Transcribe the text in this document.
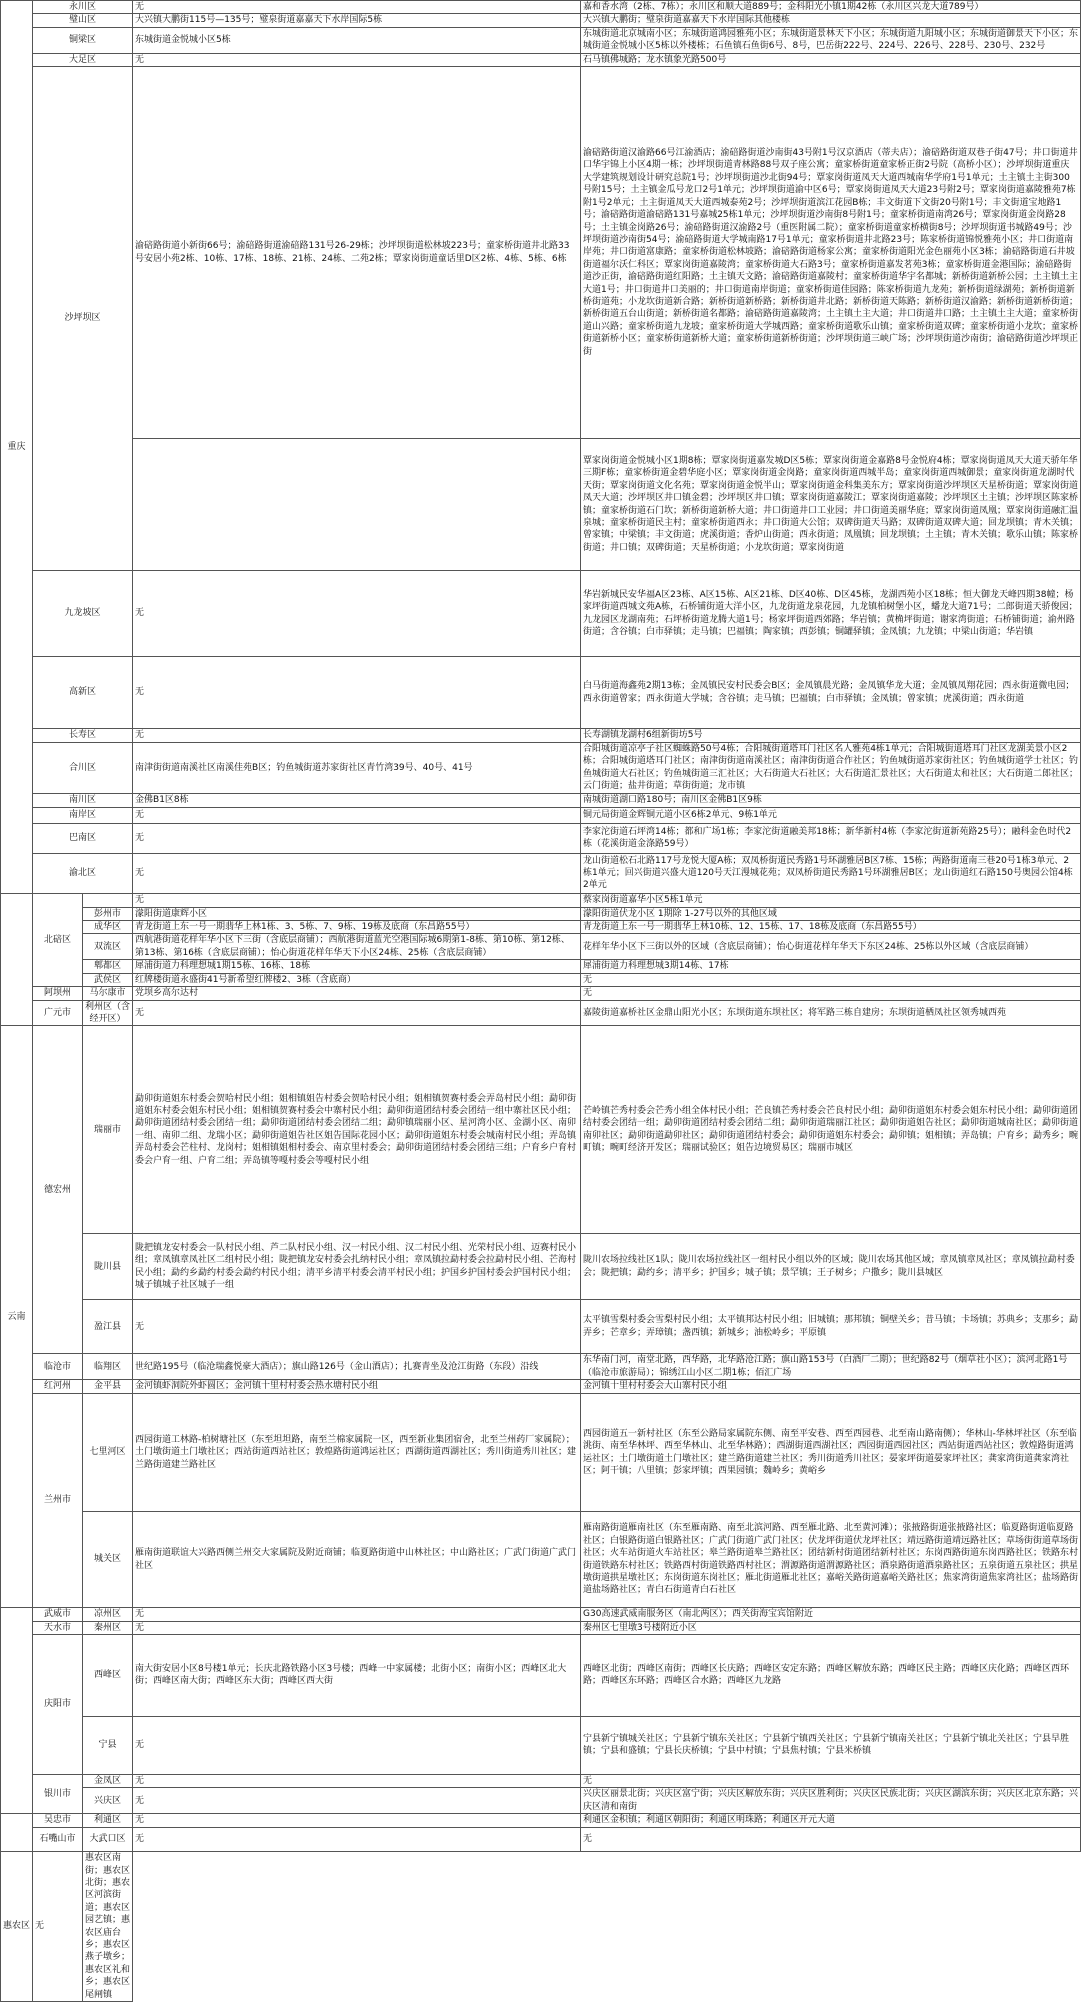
重庆	永川区		无	嘉和香水湾（2栋、7栋）；永川区和顺大道889号；金科阳光小镇1期42栋（永川区兴龙大道789号）
	璧山区		大兴镇大鹏街115号—135号；璧泉街道嘉嘉天下水岸国际5栋	大兴镇大鹏街；璧泉街道嘉嘉天下水岸国际其他楼栋
	铜梁区		东城街道金悦城小区5栋	东城街道北京城南小区；东城街道鸿园雅苑小区；东城街道景林天下小区；东城街道九阳城小区；东城街道御景天下小区；东城街道金悦城小区5栋以外楼栋；石鱼镇石鱼街6号、8号，巴岳街222号、224号、226号、228号、230号、232号
	大足区		无	石马镇佛城路；龙水镇象光路500号
	沙坪坝区		渝碚路街道小新街66号；渝碚路街道渝碚路131号26-29栋；沙坪坝街道松林坡223号；童家桥街道井北路33号安居小苑2栋、10栋、17栋、18栋、21栋、24栋、二苑2栋；覃家岗街道童话里D区2栋、4栋、5栋、6栋	渝碚路街道汉渝路66号江渝酒店；渝碚路街道沙南街43号附1号汉京酒店（蒂夫店）；渝碚路街道双巷子街47号；井口街道井口华宇锦上小区4期一栋；沙坪坝街道青林路88号双子座公寓；童家桥街道童家桥正街2号院（高桥小区）；沙坪坝街道重庆大学建筑规划设计研究总院1号；沙坪坝街道沙北街94号；覃家岗街道凤天大道西城南华学府1号1单元；土主镇土主街300号附15号；土主镇金瓜号龙口2号1单元；沙坪坝街道渝中区6号；覃家岗街道凤天大道23号附2号；覃家岗街道嘉陵雅苑7栋附1号2单元；土主街道凤天大道西城泰苑2号；沙坪坝街道滨江花园B栋；丰文街道下文街20号附1号；丰文街道宝地路1号；渝碚路街道渝碚路131号嘉城25栋1单元；沙坪坝街道沙南街8号附1号；童家桥街道南湾26号；覃家岗街道金岗路28号；土主镇金岗路26号；渝碚路街道汉渝路2号（重医附属二院）；童家桥街道童家桥横街8号；沙坪坝街道书城路49号；沙坪坝街道沙南街54号；渝碚路街道大学城南路17号1单元；童家桥街道井北路23号；陈家桥街道锦悦雅苑小区；井口街道南岸苑；井口街道富康路；童家桥街道松林坡路；渝碚路街道杨家公寓；童家桥街道阳光金色丽苑小区3栋；渝碚路街道石井坡街道福尔沃仁科区；覃家岗街道嘉陵湾；童家桥街道大石路3号；童家桥街道嘉发茗苑3栋；童家桥街道金港国际；渝碚路街道沙正街，渝碚路街道红阳路；土主镇天文路；渝碚路街道嘉陵村；童家桥街道华宇名都城；新桥街道新桥公园；土主镇土主大道1号；井口街道井口美丽的；井口街道南岸街道；童家桥街道佳园路；陈家桥街道九龙苑；新桥街道绿湖苑；新桥街道新桥街道苑；小龙坎街道新合路；新桥街道新桥路；新桥街道井北路；新桥街道天陈路；新桥街道汉渝路；新桥街道新桥街道；新桥街道五台山街道；新桥街道名都路；渝碚路街道嘉陵湾；土主镇土主大道；井口街道井口路；土主镇土主大道；童家桥街道山兴路；童家桥街道九龙坡；童家桥街道大学城西路；童家桥街道歌乐山镇；童家桥街道双碑；童家桥街道小龙坎；童家桥街道新桥小区；童家桥街道新桥大道；童家桥街道新桥街道；沙坪坝街道三峡广场；沙坪坝街道沙南街；渝碚路街道沙坪坝正街
				覃家岗街道金悦城小区1期8栋；覃家岗街道嘉发城D区5栋；覃家岗街道金嘉路8号金悦府4栋；覃家岗街道凤天大道天骄年华三期F栋；童家桥街道金碧华庭小区；覃家岗街道金岗路；童家岗街道西城半岛；童家岗街道西城御景；童家岗街道龙湖时代天街；覃家岗街道文化名苑；覃家岗街道金悦半山；覃家岗街道金科集美东方；覃家岗街道沙坪坝区天星桥街道；覃家岗街道凤天大道；沙坪坝区井口镇金碧；沙坪坝区井口镇；覃家岗街道嘉陵江；覃家岗街道嘉陵；沙坪坝区土主镇；沙坪坝区陈家桥镇；童家桥街道石门坎；新桥街道新桥大道；井口街道井口工业园；井口街道美丽华庭；覃家岗街道凤凰；覃家岗街道融汇温泉城；童家桥街道民主村；童家桥街道西永；井口街道大公馆；双碑街道天马路；双碑街道双碑大道；回龙坝镇；青木关镇；曾家镇；中梁镇；丰文街道；虎溪街道；香炉山街道；西永街道；凤凰镇；回龙坝镇；土主镇；青木关镇；歌乐山镇；陈家桥街道；井口镇；双碑街道；天星桥街道；小龙坎街道；覃家岗街道
	九龙坡区		无	华岩新城民安华福A区23栋、A区15栋、A区21栋、D区40栋、D区45栋，龙湖西苑小区18栋；恒大御龙天峰四期38幢；杨家坪街道西城文苑A栋，石桥铺街道大洋小区，九龙街道龙泉花园，九龙镇柏树堡小区，蟠龙大道71号；二郎街道天骄俊园；九龙园区龙湖南苑；石坪桥街道龙腾大道1号；杨家坪街道西郊路；华岩镇；黄桷坪街道；谢家湾街道；石桥铺街道；渝州路街道；含谷镇；白市驿镇；走马镇；巴福镇；陶家镇；西彭镇；铜罐驿镇；金凤镇；九龙镇；中梁山街道；华岩镇
	高新区		无	白马街道海鑫苑2期13栋；金凤镇民安村民委会B区；金凤镇晨光路；金凤镇华龙大道；金凤镇凤翔花园；西永街道微电园；西永街道曾家；西永街道大学城；含谷镇；走马镇；巴福镇；白市驿镇；金凤镇；曾家镇；虎溪街道；西永街道
	长寿区		无	长寿湖镇龙湖村6组新街坊5号
	合川区		南津街街道南溪社区南溪佳苑B区；钓鱼城街道苏家街社区青竹湾39号、40号、41号	合阳城街道凉亭子社区蜘蛛路50号4栋；合阳城街道塔耳门社区名人雅苑4栋1单元；合阳城街道塔耳门社区龙湖美景小区2栋；合阳城街道塔耳门社区；南津街街道南溪社区；南津街街道合作社区；钓鱼城街道苏家街社区；钓鱼城街道学士社区；钓鱼城街道大石社区；钓鱼城街道三汇社区；大石街道大石社区；大石街道汇景社区；大石街道太和社区；大石街道二郎社区；云门街道；盐井街道；草街街道；龙市镇
	南川区		金佛B1区8栋	南城街道湖口路180号；南川区金佛B1区9栋
	南岸区		无	铜元局街道金辉铜元道小区6栋2单元、9栋1单元
	巴南区		无	李家沱街道石坪湾14栋；都和广场1栋；李家沱街道融美邦18栋；新华新村4栋（李家沱街道新苑路25号）；融科金色时代2栋（花溪街道金涤路59号）
	渝北区		无	龙山街道松石北路117号龙悦大厦A栋；双凤桥街道民秀路1号环湖雅居B区7栋、15栋；两路街道南三巷20号1栋3单元、2栋1单元；回兴街道兴盛大道120号天江漫城花苑；双凤桥街道民秀路1号环湖雅居B区；龙山街道红石路150号奥园公馆4栋2单元
	北碚区		无	蔡家岗街道嘉华小区5栋1单元
		彭州市	濛阳街道康辉小区	濛阳街道伏龙小区 1期除 1-27号以外的其他区域
		成华区	青龙街道上东一号一期翡华上林1栋、3、5栋、7、9栋、19栋及底商（东昌路55号）	青龙街道上东一号一期翡华上林10栋、12、15栋、17、18栋及底商（东昌路55号）
		双流区	西航港街道花样年华小区下三街（含底层商铺）；西航港街道蓝光空港国际城6期第1-8栋、第10栋、第12栋、第13栋、第16栋（含底层商铺）；怡心街道花样年华天下小区24栋、25栋（含底层商铺）	花样年华小区下三街以外的区域（含底层商铺）；怡心街道花样年华天下东区24栋、25栋以外区域（含底层商铺）
		郫都区	犀浦街道力科理想城1期15栋、16栋、18栋	犀浦街道力科理想城3期14栋、17栋
		武侯区	红牌楼街道永盛街41号新希望红牌楼2、3栋（含底商）	无
	阿坝州	马尔康市	党坝乡高尔达村	无
	广元市	利州区（含经开区）	无	嘉陵街道嘉桥社区金鼎山阳光小区；东坝街道东坝社区；将军路三栋自建房；东坝街道栖凤社区领秀城西苑
云南	德宏州	瑞丽市	勐卯街道姐东村委会贺哈村民小组；姐相镇姐告村委会贺哈村民小组；姐相镇贺赛村委会弄岛村民小组；勐卯街道姐东村委会姐东村民小组；姐相镇贺赛村委会中寨村民小组；勐卯街道团结村委会团结一组中寨社区民小组；勐卯街道团结村委会团结一组；勐卯街道团结村委会团结二组；勐卯镇瑞丽小区、星河湾小区、金湖小区、南卯一组、南卯二组、龙瑞小区；勐卯街道姐告社区姐告国际花园小区；勐卯街道姐东村委会城南村民小组；弄岛镇弄岛村委会芒柱村、龙岗村；姐相镇姐相村委会、南京里村委会；勐卯街道团结村委会团结三组；户育乡户育村委会户育一组、户育二组；弄岛镇等嘎村委会等嘎村民小组	芒岭镇芒秀村委会芒秀小组全体村民小组；芒良镇芒秀村委会芒良村民小组；勐卯街道姐东村委会姐东村民小组；勐卯街道团结村委会团结一组；勐卯街道团结村委会团结二组；勐卯街道瑞丽江社区；勐卯街道姐告社区；勐卯街道城南社区；勐卯街道南卯社区；勐卯街道勐卯社区；勐卯街道团结村委会；勐卯街道姐东村委会；勐卯镇；姐相镇；弄岛镇；户育乡；勐秀乡；畹町镇；畹町经济开发区；瑞丽试验区；姐告边境贸易区；瑞丽市城区
		陇川县	陇把镇龙安村委会一队村民小组、芦二队村民小组、汉一村民小组、汉二村民小组、光荣村民小组、迈赛村民小组；章凤镇章凤社区二组村民小组；陇把镇龙安村委会扎纳村民小组；章凤镇拉勐村委会拉勐村民小组、芒海村民小组；勐约乡勐约村委会勐约村民小组；清平乡清平村委会清平村民小组；护国乡护国村委会护国村民小组；城子镇城子社区城子一组	陇川农场拉线社区1队；陇川农场拉线社区一组村民小组以外的区域；陇川农场其他区域；章凤镇章凤社区；章凤镇拉勐村委会；陇把镇；勐约乡；清平乡；护国乡；城子镇；景罕镇；王子树乡；户撒乡；陇川县城区
		盈江县	无	太平镇雪梨村委会雪梨村民小组；太平镇邦达村民小组；旧城镇；那邦镇；铜壁关乡；昔马镇；卡场镇；苏典乡；支那乡；勐弄乡；芒章乡；弄璋镇；盏西镇；新城乡；油松岭乡；平原镇
	临沧市	临翔区	世纪路195号（临沧瑞鑫悦豪大酒店）；旗山路126号（金山酒店）；扎赛青坐及沧江街路（东段）沿线	东华南门河，南堂北路，西华路，北华路沧江路；旗山路153号（白酒厂二期）；世纪路82号（烟草社小区）；滨河北路1号（临沧市旅游局）；锦绣江山小区二期1栋；佰汇广场
	红河州	金平县	金河镇虾洞院外虾圆区；金河镇十里村村委会热水塘村民小组	金河镇十里村村委会大山寨村民小组
	兰州市	七里河区	西园街道工林路-柏树塘社区（东至坦坦路，南至兰棉家属院一区，西至新业集团宿舍，北至兰州药厂家属院）；土门墩街道土门墩社区；西站街道西站社区；敦煌路街道鸿运社区；西湖街道西湖社区；秀川街道秀川社区；建兰路街道建兰路社区	西园街道五一新村社区（东至公路局家属院东侧、南至平安巷、西至西园巷、北至南山路南侧）；华林山-华林坪社区（东至临洮街、南至华林坪、西至华林山、北至华林路）；西湖街道西湖社区；西园街道西园社区；西站街道西站社区；敦煌路街道鸿运社区；土门墩街道土门墩社区；建兰路街道建兰社区；秀川街道秀川社区；晏家坪街道晏家坪社区；龚家湾街道龚家湾社区；阿干镇；八里镇；彭家坪镇；西果园镇；魏岭乡；黄峪乡
		城关区	雁南街道联谊大兴路西侧兰州交大家属院及附近商铺；临夏路街道中山林社区；中山路社区；广武门街道广武门社区	雁南路街道雁南社区（东至雁南路、南至北滨河路、西至雁北路、北至黄河滩）；张掖路街道张掖路社区；临夏路街道临夏路社区；白银路街道白银路社区；广武门街道广武门社区；伏龙坪街道伏龙坪社区；靖远路街道靖远路社区；草场街街道草场街社区；火车站街道火车站社区；皋兰路街道皋兰路社区；团结新村街道团结新村社区；东岗西路街道东岗西路社区；铁路东村街道铁路东村社区；铁路西村街道铁路西村社区；渭源路街道渭源路社区；酒泉路街道酒泉路社区；五泉街道五泉社区；拱星墩街道拱星墩社区；东岗街道东岗社区；雁北街道雁北社区；嘉峪关路街道嘉峪关路社区；焦家湾街道焦家湾社区；盐场路街道盐场路社区；青白石街道青白石社区
	武威市	凉州区	无	G30高速武威南服务区（南北两区）；西关街海宝宾馆附近
	天水市	秦州区	无	秦州区七里墩3号楼附近小区
	庆阳市	西峰区	南大街安居小区8号楼1单元；长庆北路铁路小区3号楼；西峰一中家属楼；北街小区；南街小区；西峰区北大街；西峰区南大街；西峰区东大街；西峰区西大街	西峰区北街；西峰区南街；西峰区长庆路；西峰区安定东路；西峰区解放东路；西峰区民主路；西峰区庆化路；西峰区西环路；西峰区东环路；西峰区合水路；西峰区九龙路
		宁县	无	宁县新宁镇城关社区；宁县新宁镇东关社区；宁县新宁镇西关社区；宁县新宁镇南关社区；宁县新宁镇北关社区；宁县早胜镇；宁县和盛镇；宁县长庆桥镇；宁县中村镇；宁县焦村镇；宁县米桥镇
	银川市	金凤区	无	无
		兴庆区	无	兴庆区丽景北街；兴庆区富宁街；兴庆区解放东街；兴庆区胜利街；兴庆区民族北街；兴庆区湖滨东街；兴庆区北京东路；兴庆区清和南街
	吴忠市	利通区	无	利通区金积镇；利通区朝阳街；利通区明珠路；利通区开元大道
	石嘴山市	大武口区	无	无
惠农区	无	惠农区南街；惠农区北街；惠农区河滨街道；惠农区园艺镇；惠农区庙台乡；惠农区燕子墩乡；惠农区礼和乡；惠农区尾闸镇		
